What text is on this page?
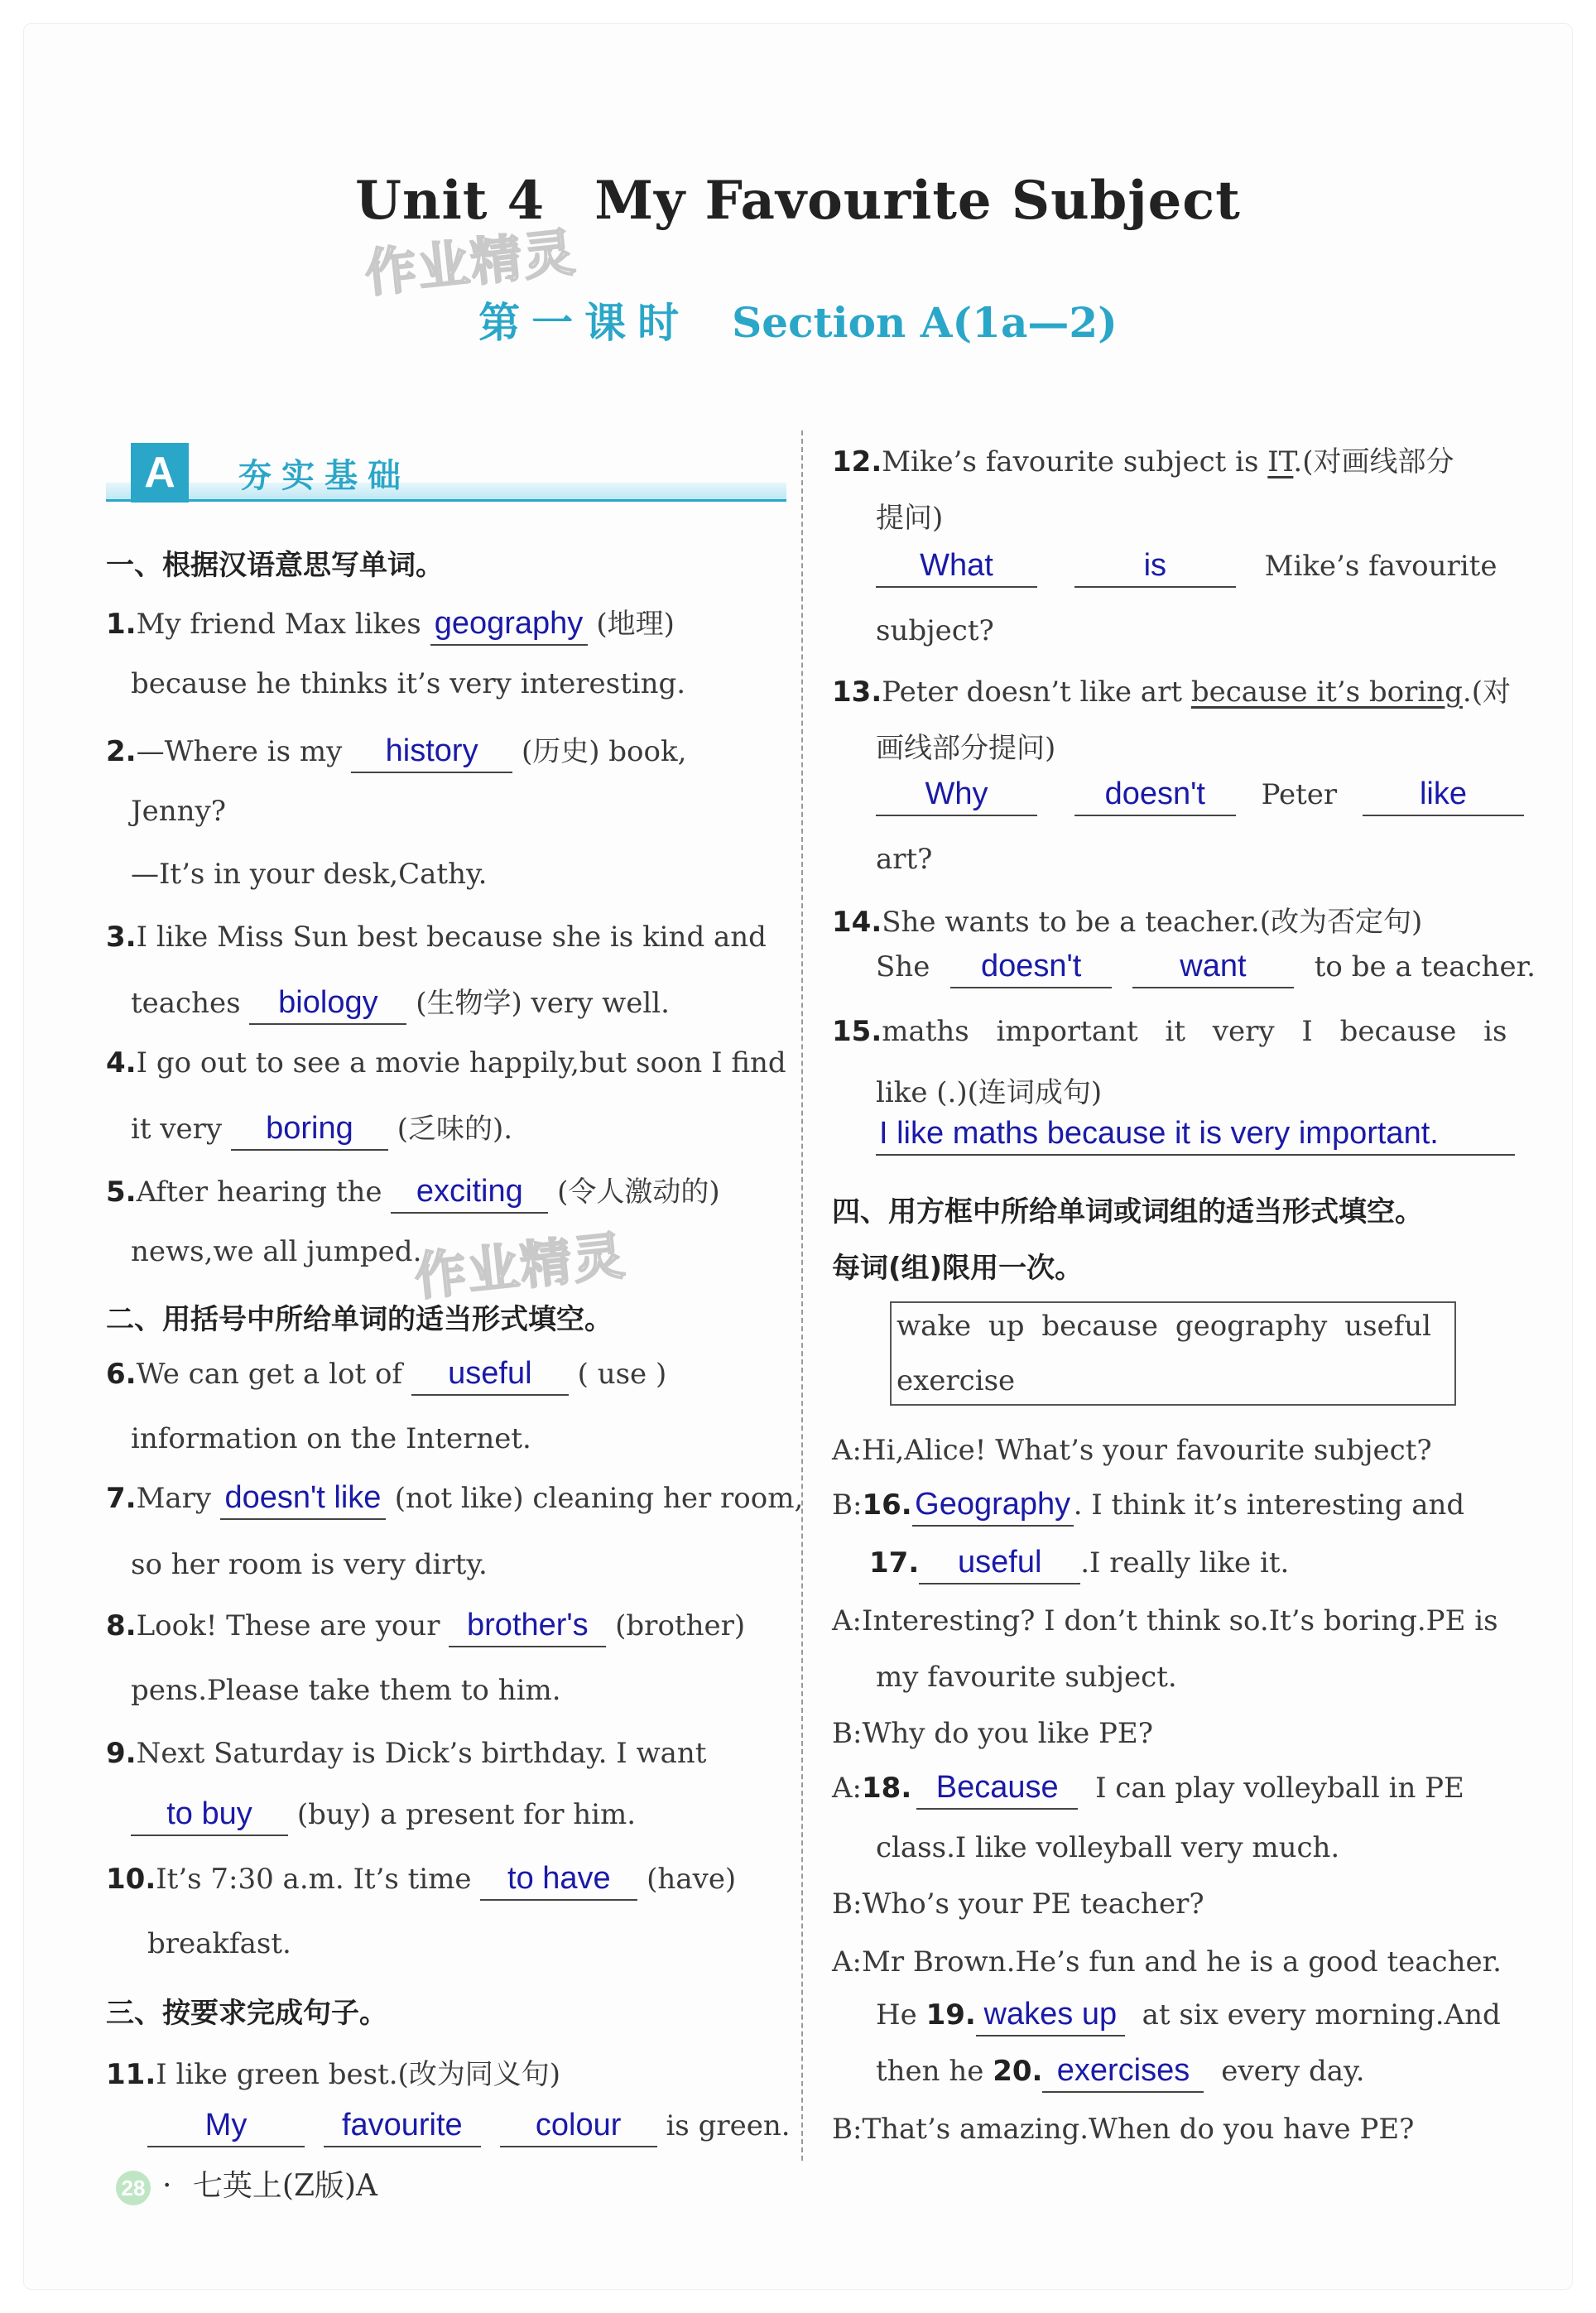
作业精灵
作业精灵
Unit 4 My Favourite Subject
第一课时 Section A(1a—2)
A	夯实基础
一、根据汉语意思写单词。
1.My friend Max likes geography (地理)
because he thinks it’s very interesting.
2.—Where is my history (历史) book,
Jenny?
—It’s in your desk,Cathy.
3.I like Miss Sun best because she is kind and
teaches biology (生物学) very well.
4.I go out to see a movie happily,but soon I find
it very boring (乏味的).
5.After hearing the exciting (令人激动的)
news,we all jumped.
二、用括号中所给单词的适当形式填空。
6.We can get a lot of useful ( use )
information on the Internet.
7.Mary doesn't like (not like) cleaning her room,
so her room is very dirty.
8.Look! These are your brother's (brother)
pens.Please take them to him.
9.Next Saturday is Dick’s birthday. I want
to buy (buy) a present for him.
10.It’s 7:30 a.m. It’s time to have (have)
breakfast.
三、按要求完成句子。
11.I like green best.(改为同义句)
My	favourite colour is green.
12.Mike’s favourite subject is IT.(对画线部分
提问)
What	is	Mike’s favourite
subject?
13.Peter doesn’t like art because it’s boring.(对
画线部分提问)
Why	doesn't Peter	like
art?
14.She wants to be a teacher.(改为否定句)
She doesn't	want to be a teacher.
15.maths important it very I because is
like (.)(连词成句)
I like maths because it is very important.
四、用方框中所给单词或词组的适当形式填空。
每词(组)限用一次。
wake up because geography useful
exercise
A:Hi,Alice! What’s your favourite subject?
B:16.Geography . I think it’s interesting and
17. useful .I really like it.
A:Interesting? I don’t think so.It’s boring.PE is
my favourite subject.
B:Why do you like PE?
A:18. Because I can play volleyball in PE
class.I like volleyball very much.
B:Who’s your PE teacher?
A:Mr Brown.He’s fun and he is a good teacher.
He 19. wakes up at six every morning.And
then he 20. exercises every day.
B:That’s amazing.When do you have PE?
28 · 七英上(Z版)A
